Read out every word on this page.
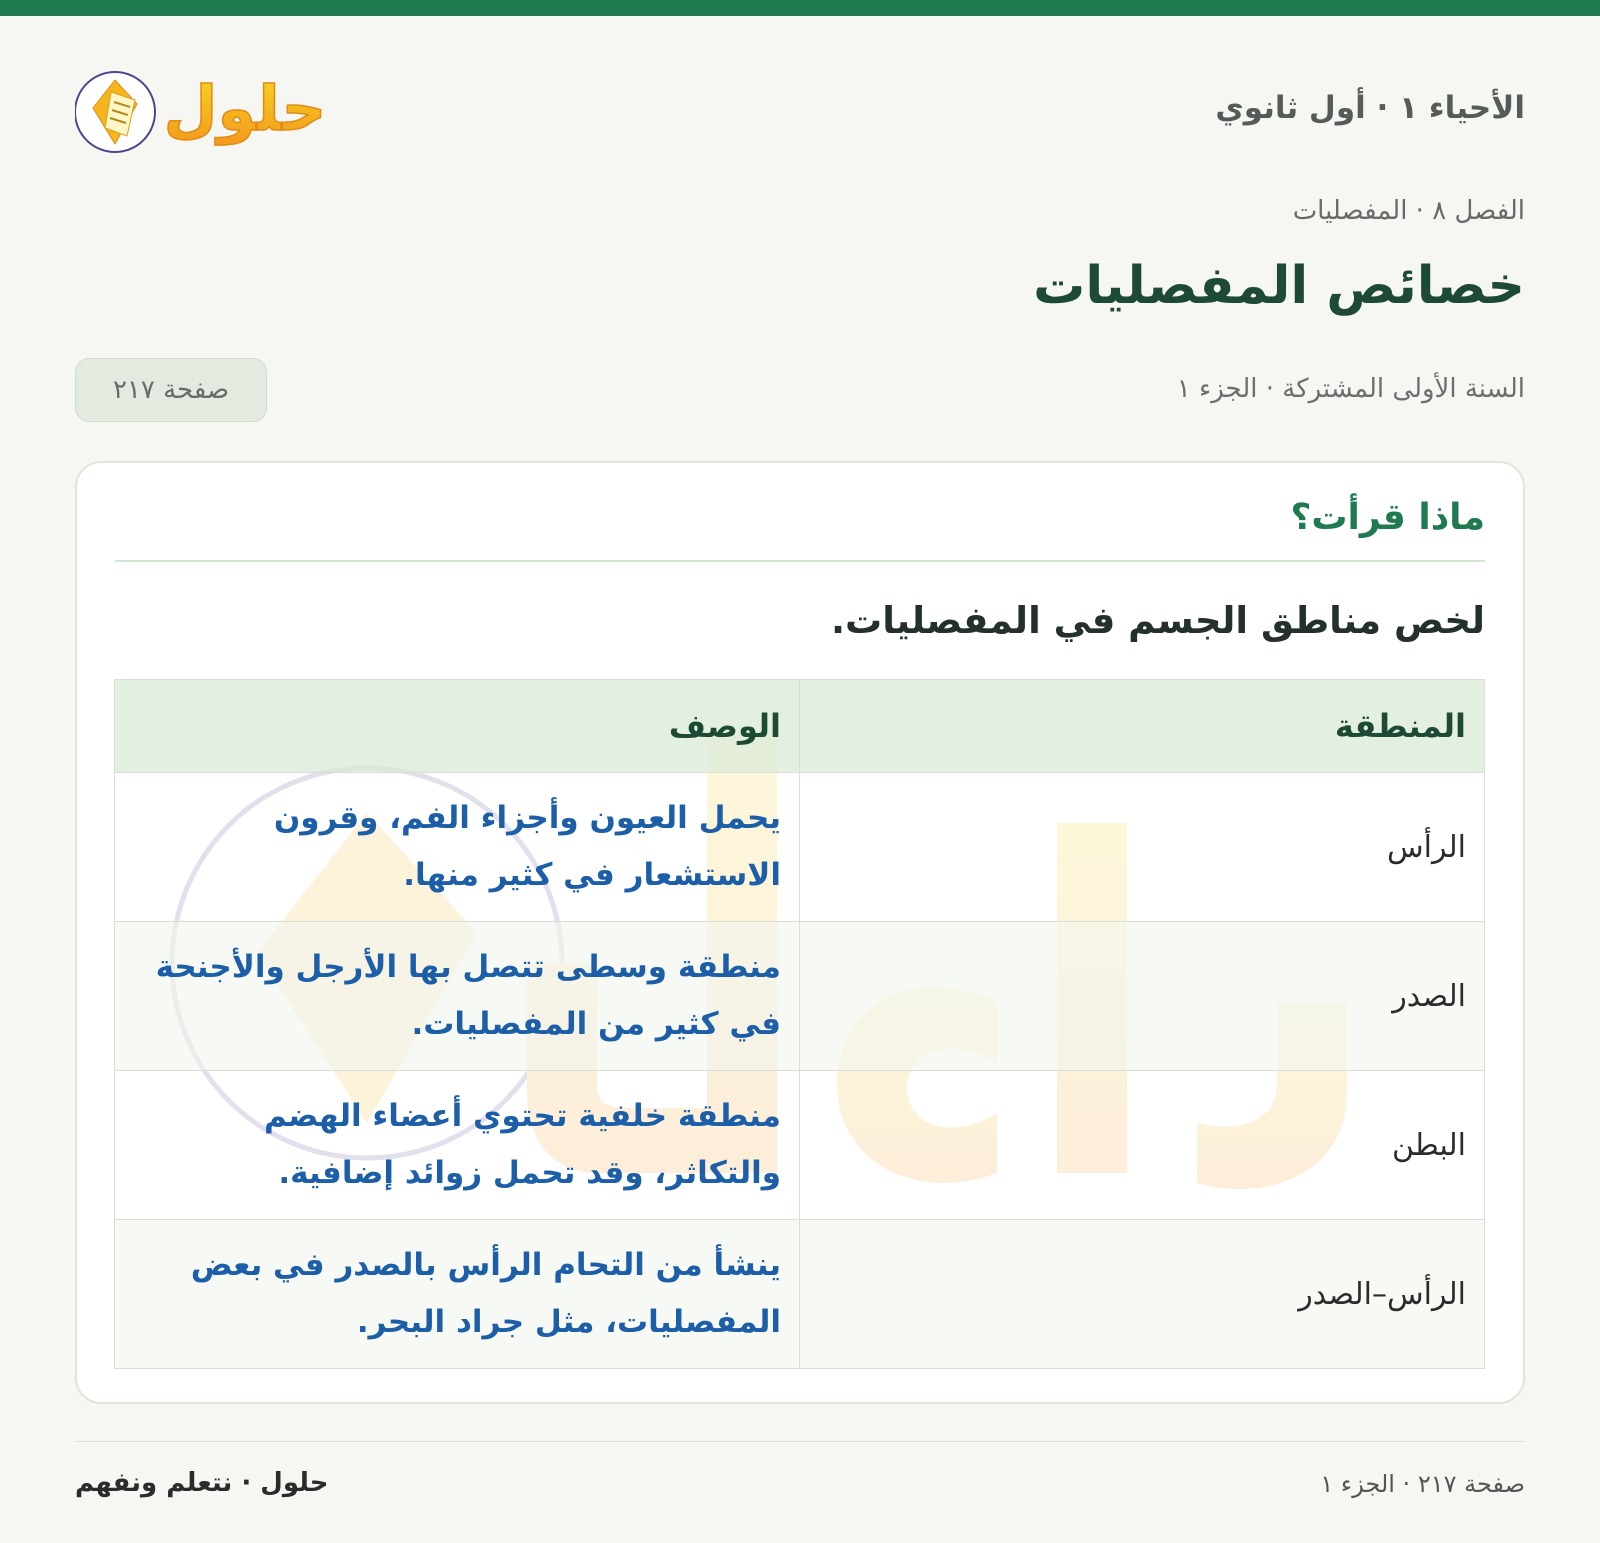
الأحياء ١ · أول ثانوي
حلول
الفصل ٨ · المفصليات
خصائص المفصليات
السنة الأولى المشتركة · الجزء ١
صفحة ٢١٧
ماذا قرأت؟
لخص مناطق الجسم في المفصليات.
المنطقة	الوصف
الرأس	يحمل العيون وأجزاء الفم، وقرون الاستشعار في كثير منها.
الصدر	منطقة وسطى تتصل بها الأرجل والأجنحة في كثير من المفصليات.
البطن	منطقة خلفية تحتوي أعضاء الهضم والتكاثر، وقد تحمل زوائد إضافية.
الرأس–الصدر	ينشأ من التحام الرأس بالصدر في بعض المفصليات، مثل جراد البحر.
صفحة ٢١٧ · الجزء ١
حلول · نتعلم ونفهم
